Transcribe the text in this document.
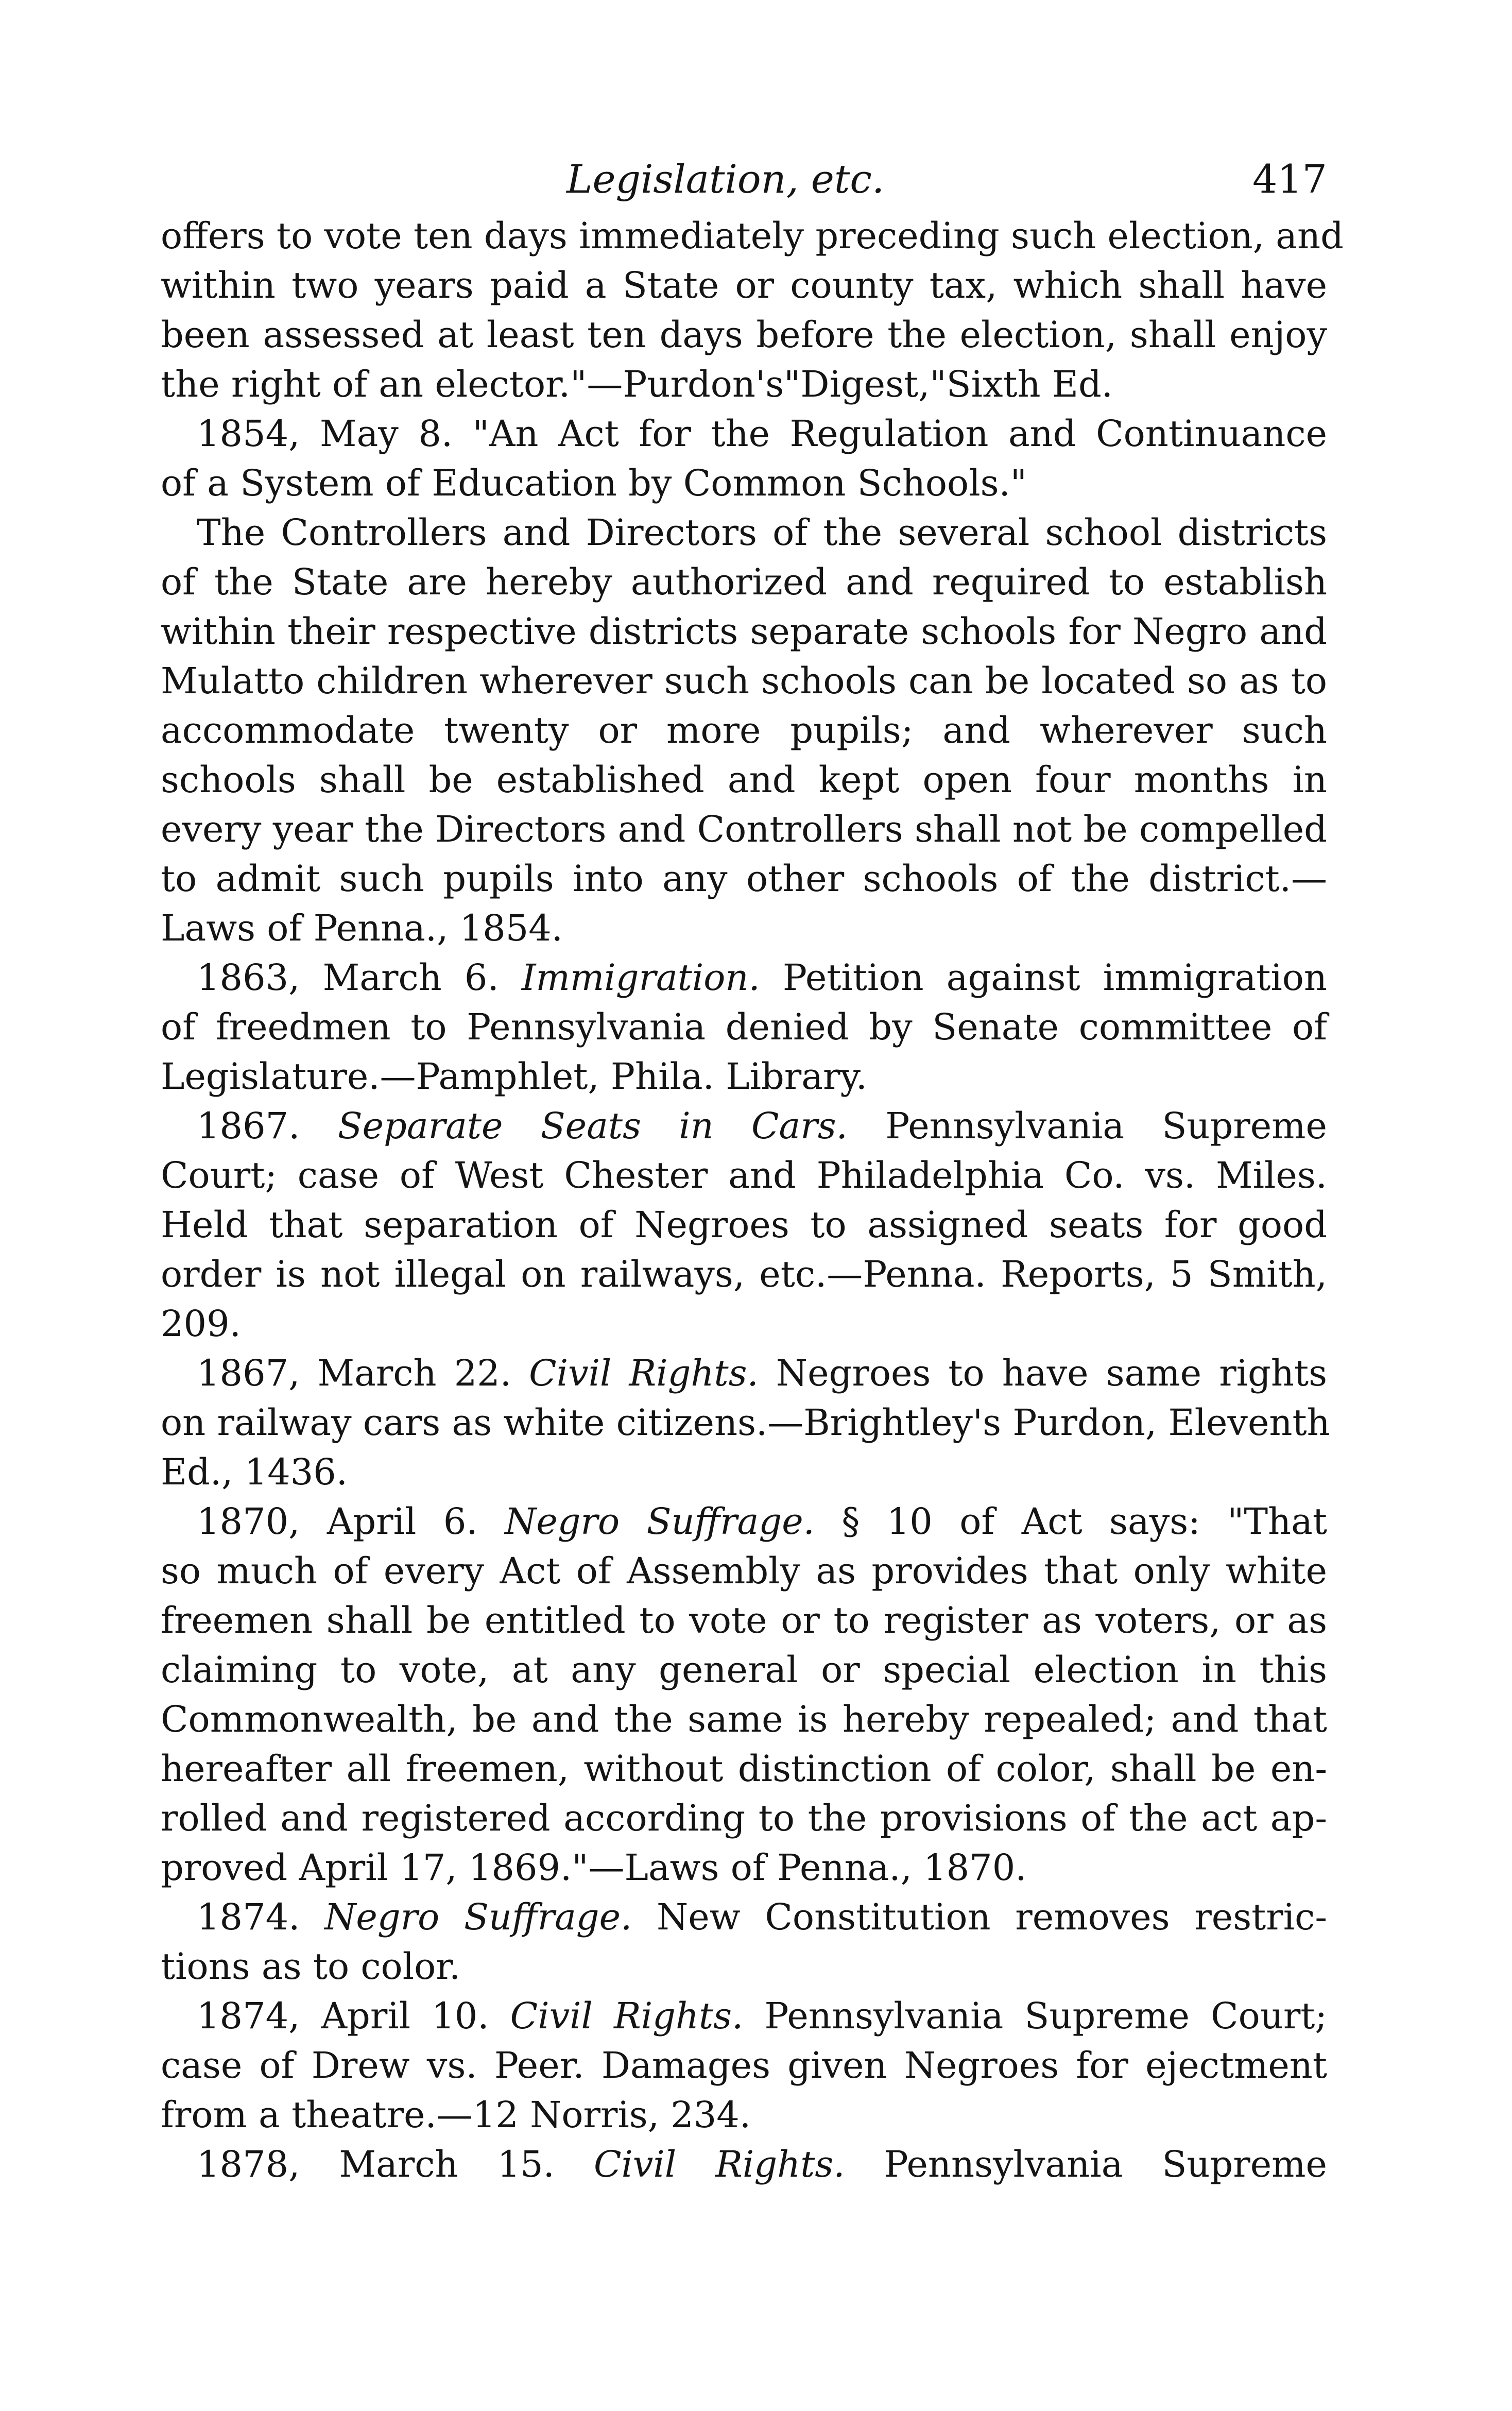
Legislation, etc.	417
offers to vote ten days immediately preceding such election, and
within two years paid a State or county tax, which shall have
been assessed at least ten days before the election, shall enjoy
the right of an elector."—Purdon's"Digest,"Sixth Ed.
1854, May 8. "An Act for the Regulation and Continuance
of a System of Education by Common Schools."
The Controllers and Directors of the several school districts
of the State are hereby authorized and required to establish
within their respective districts separate schools for Negro and
Mulatto children wherever such schools can be located so as to
accommodate twenty or more pupils; and wherever such
schools shall be established and kept open four months in
every year the Directors and Controllers shall not be compelled
to admit such pupils into any other schools of the district.—
Laws of Penna., 1854.
1863, March 6. Immigration. Petition against immigration
of freedmen to Pennsylvania denied by Senate committee of
Legislature.—Pamphlet, Phila. Library.
1867. Separate Seats in Cars. Pennsylvania Supreme
Court; case of West Chester and Philadelphia Co. vs. Miles.
Held that separation of Negroes to assigned seats for good
order is not illegal on railways, etc.—Penna. Reports, 5 Smith,
209.
1867, March 22. Civil Rights. Negroes to have same rights
on railway cars as white citizens.—Brightley's Purdon, Eleventh
Ed., 1436.
1870, April 6. Negro Suffrage. § 10 of Act says: "That
so much of every Act of Assembly as provides that only white
freemen shall be entitled to vote or to register as voters, or as
claiming to vote, at any general or special election in this
Commonwealth, be and the same is hereby repealed; and that
hereafter all freemen, without distinction of color, shall be en-
rolled and registered according to the provisions of the act ap-
proved April 17, 1869."—Laws of Penna., 1870.
1874. Negro Suffrage. New Constitution removes restric-
tions as to color.
1874, April 10. Civil Rights. Pennsylvania Supreme Court;
case of Drew vs. Peer. Damages given Negroes for ejectment
from a theatre.—12 Norris, 234.
1878, March 15. Civil Rights. Pennsylvania Supreme
